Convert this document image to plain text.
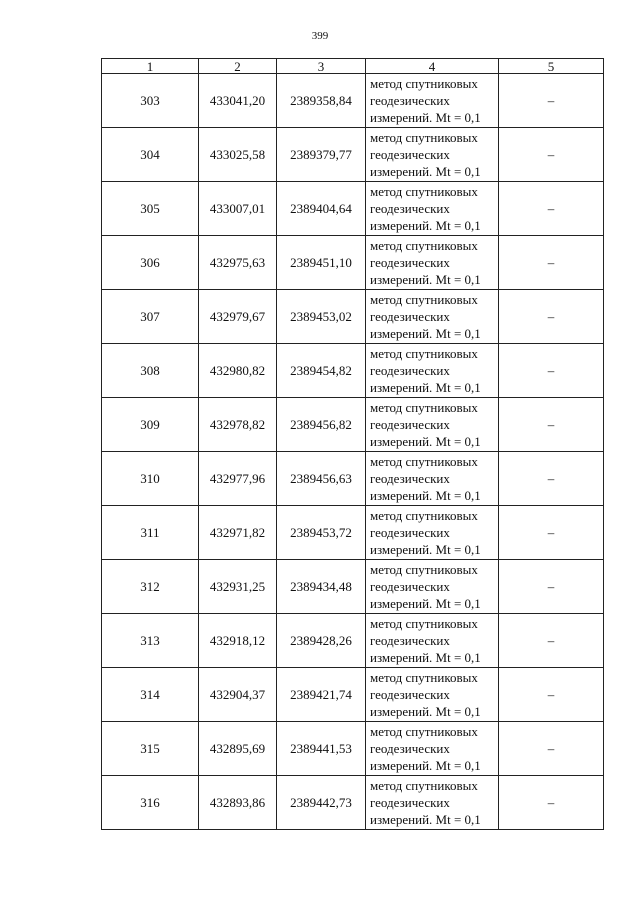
399
1	2	3	4	5
303	433041,20	2389358,84	метод спутниковых
геодезических
измерений. Mt = 0,1	–
304	433025,58	2389379,77	метод спутниковых
геодезических
измерений. Mt = 0,1	–
305	433007,01	2389404,64	метод спутниковых
геодезических
измерений. Mt = 0,1	–
306	432975,63	2389451,10	метод спутниковых
геодезических
измерений. Mt = 0,1	–
307	432979,67	2389453,02	метод спутниковых
геодезических
измерений. Mt = 0,1	–
308	432980,82	2389454,82	метод спутниковых
геодезических
измерений. Mt = 0,1	–
309	432978,82	2389456,82	метод спутниковых
геодезических
измерений. Mt = 0,1	–
310	432977,96	2389456,63	метод спутниковых
геодезических
измерений. Mt = 0,1	–
311	432971,82	2389453,72	метод спутниковых
геодезических
измерений. Mt = 0,1	–
312	432931,25	2389434,48	метод спутниковых
геодезических
измерений. Mt = 0,1	–
313	432918,12	2389428,26	метод спутниковых
геодезических
измерений. Mt = 0,1	–
314	432904,37	2389421,74	метод спутниковых
геодезических
измерений. Mt = 0,1	–
315	432895,69	2389441,53	метод спутниковых
геодезических
измерений. Mt = 0,1	–
316	432893,86	2389442,73	метод спутниковых
геодезических
измерений. Mt = 0,1	–
